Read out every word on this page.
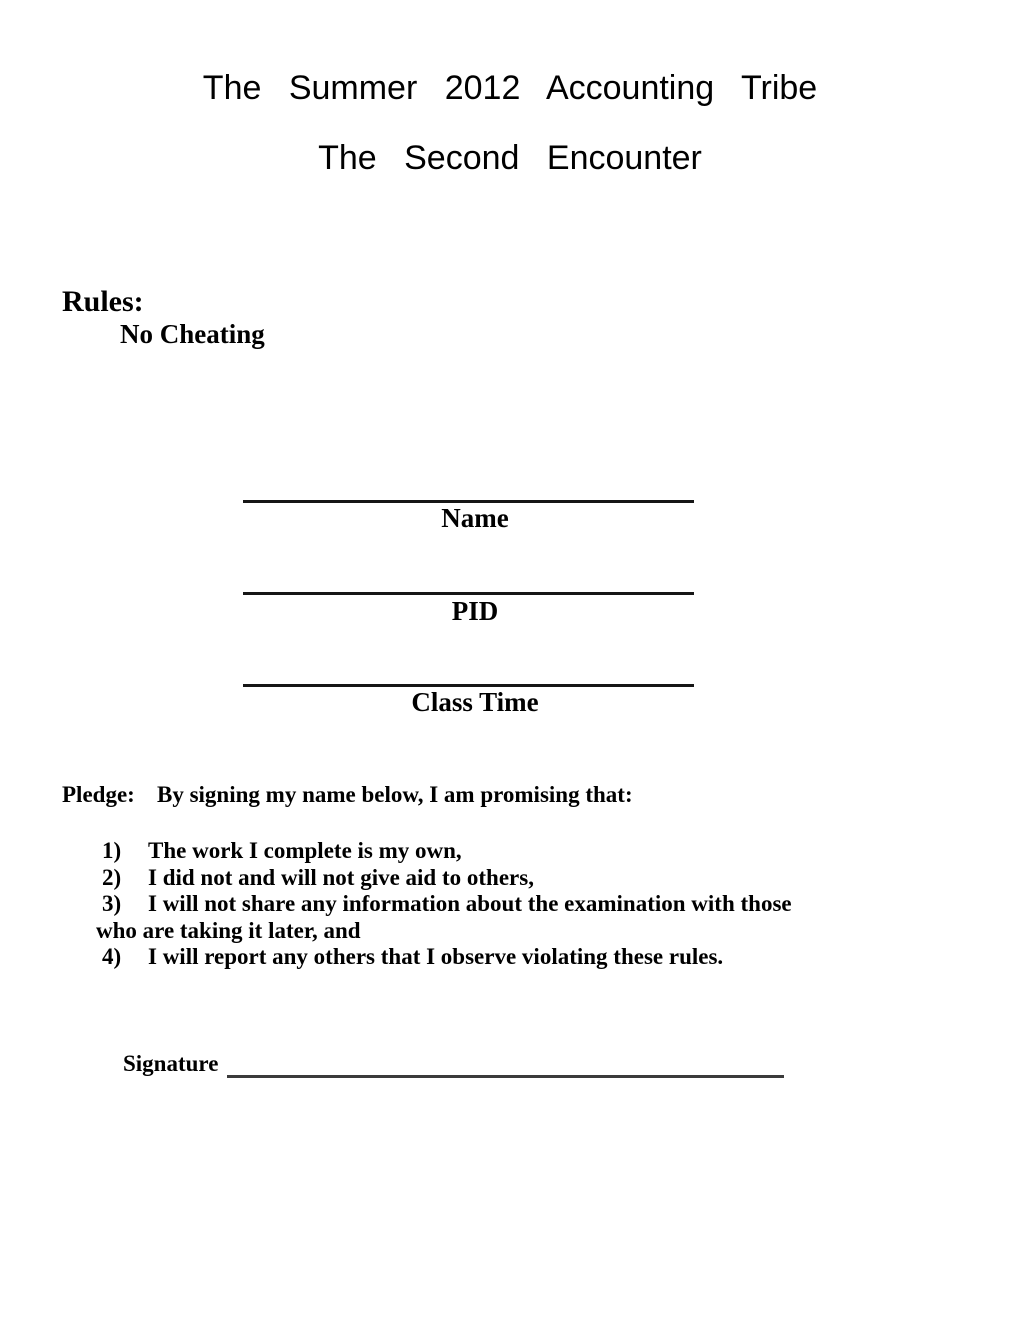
The Summer 2012 Accounting Tribe
The Second Encounter
Rules:
No Cheating
Name
PID
Class Time
Pledge: By signing my name below, I am promising that:
1) The work I complete is my own,
2) I did not and will not give aid to others,
3) I will not share any information about the examination with those
who are taking it later, and
4) I will report any others that I observe violating these rules.
Signature
